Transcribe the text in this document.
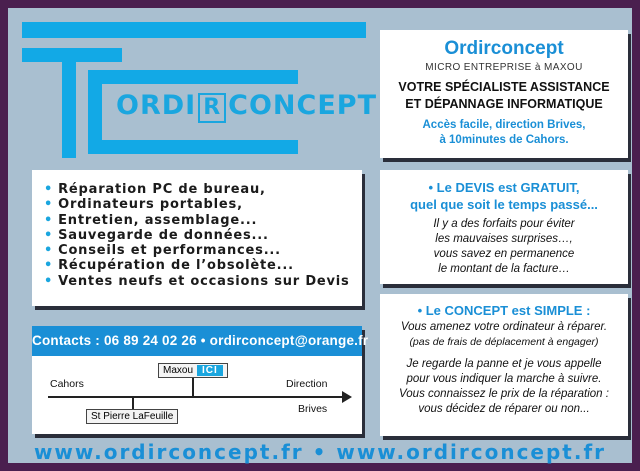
ORDI R CONCEPT
Ordirconcept
MICRO ENTREPRISE à MAXOU
VOTRE SPÉCIALISTE ASSISTANCE
ET DÉPANNAGE INFORMATIQUE
Accès facile, direction Brives,
à 10minutes de Cahors.
• Réparation PC de bureau,
• Ordinateurs portables,
• Entretien, assemblage...
• Sauvegarde de données...
• Conseils et performances...
• Récupération de l’obsolète...
• Ventes neufs et occasions sur Devis
• Le DEVIS est GRATUIT,
quel que soit le temps passé...
Il y a des forfaits pour éviter
les mauvaises surprises…,
vous savez en permanence
le montant de la facture…
• Le CONCEPT est SIMPLE :
Vous amenez votre ordinateur à réparer.
(pas de frais de déplacement à engager)
Je regarde la panne et je vous appelle
pour vous indiquer la marche à suivre.
Vous connaissez le prix de la réparation :
vous décidez de réparer ou non...
Contacts : 06 89 24 02 26 • ordirconcept@orange.fr
Maxou ICI
Cahors	Direction
Brives
St Pierre LaFeuille
www.ordirconcept.fr • www.ordirconcept.fr
